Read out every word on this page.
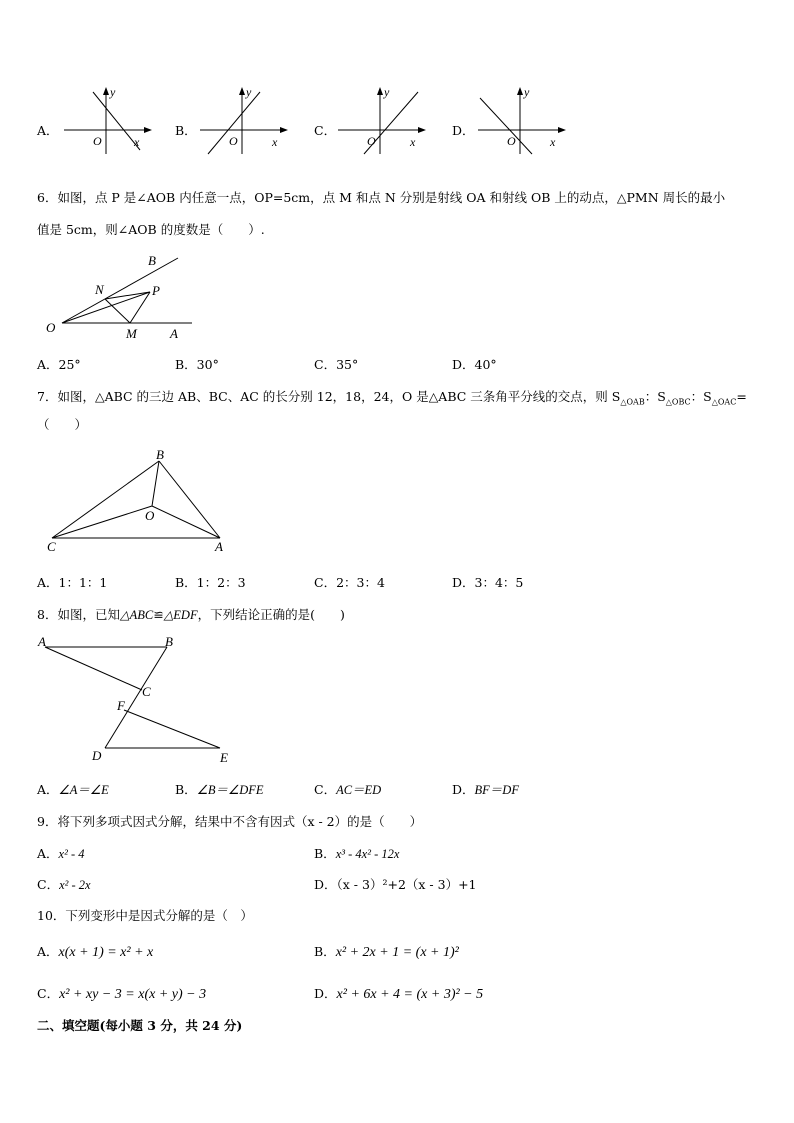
A．
y
O	x
B．
y
O	x
C．
y
O	x
D．
y
O	x
6．如图，点 P 是∠AOB 内任意一点，OP=5cm，点 M 和点 N 分别是射线 OA 和射线 OB 上的动点，△PMN 周长的最小
值是 5cm，则∠AOB 的度数是（　　）.
B
N	P
O	M	A
A．25°	B．30°	C．35°	D．40°
7．如图，△ABC 的三边 AB、BC、AC 的长分别 12，18，24，O 是△ABC 三条角平分线的交点，则 $S_{\triangle OAB}$：$S_{\triangle OBC}$：$S_{\triangle OAC}=$
（　　）
B
O
C	A
A．1：1：1	B．1：2：3	C．2：3：4	D．3：4：5
8．如图，已知△ABC≌△EDF，下列结论正确的是(　　)
A	B
C
F
D	E
A．∠A＝∠E	B．∠B＝∠DFE	C．AC＝ED	D．BF＝DF
9．将下列多项式因式分解，结果中不含有因式（x - 2）的是（　　）
A．x² - 4	B．x³ - 4x² - 12x
C．x² - 2x	D．（x - 3）²+2（x - 3）+1
10．下列变形中是因式分解的是（　）
A．x(x + 1) = x² + x	B．x² + 2x + 1 = (x + 1)²
C．x² + xy − 3 = x(x + y) − 3	D．x² + 6x + 4 = (x + 3)² − 5
二、填空题(每小题 3 分，共 24 分)
